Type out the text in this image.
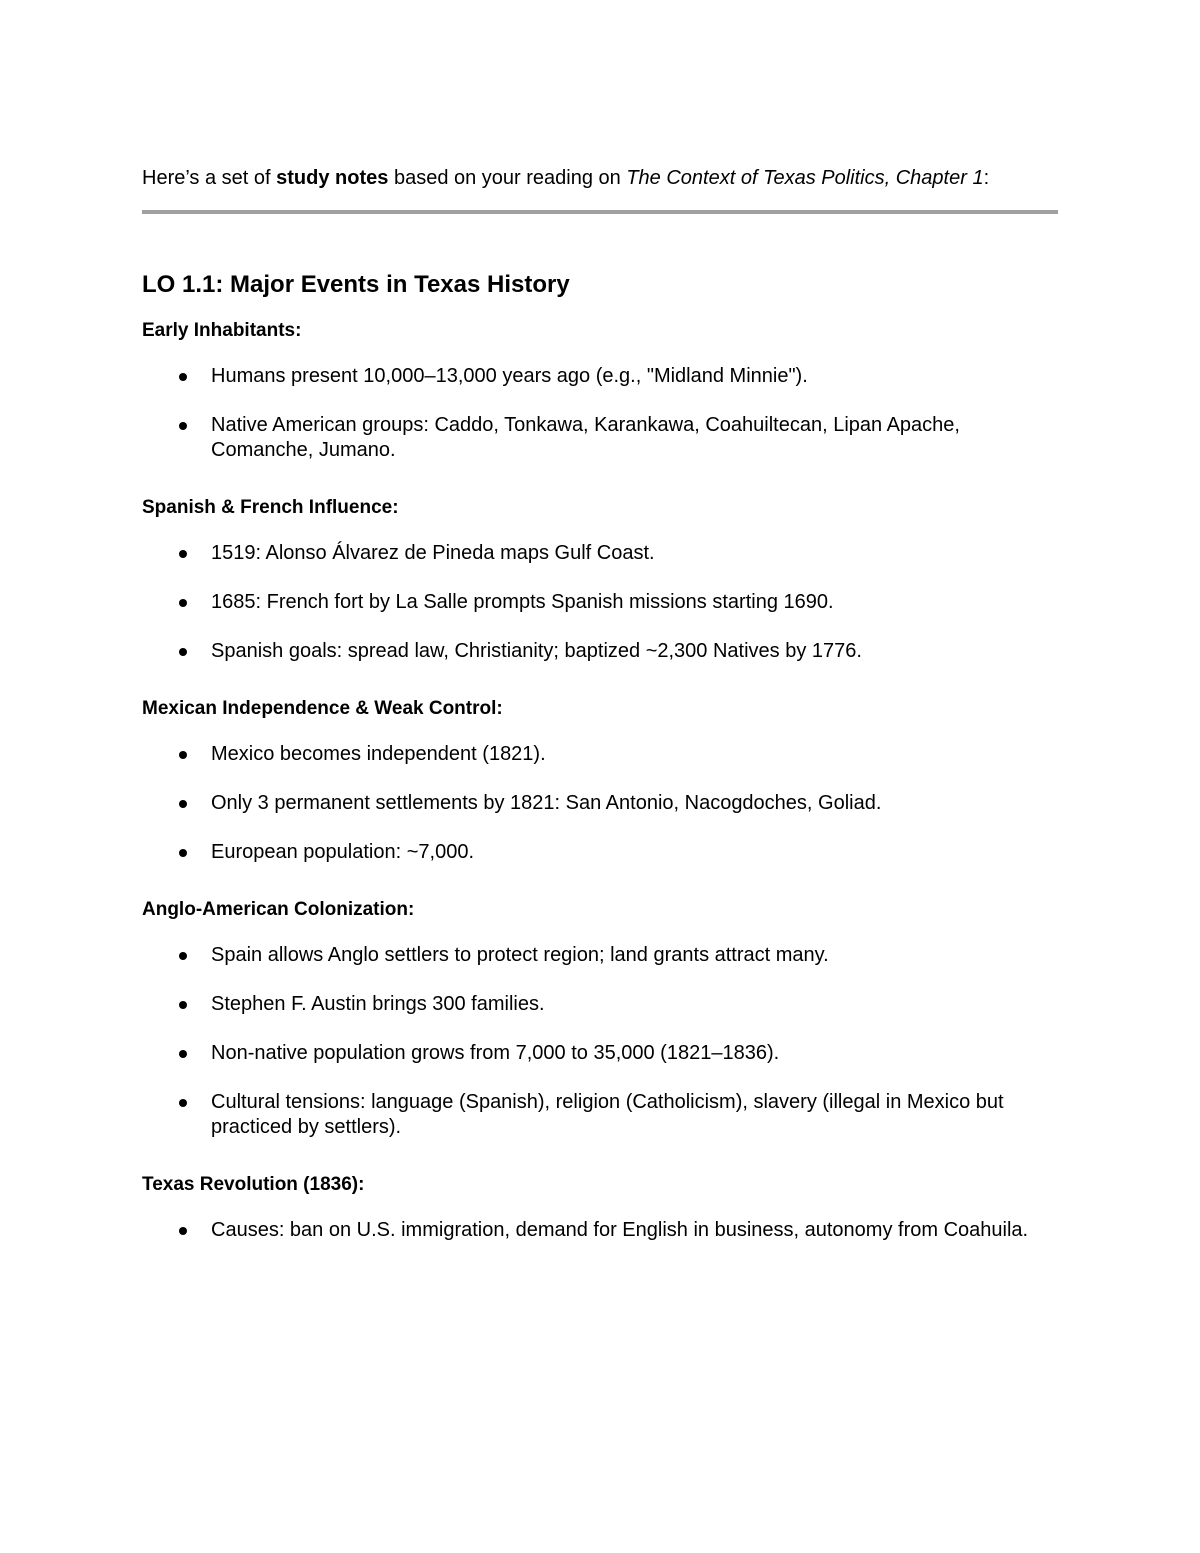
Here’s a set of study notes based on your reading on The Context of Texas Politics, Chapter 1:
LO 1.1: Major Events in Texas History
Early Inhabitants:
Humans present 10,000–13,000 years ago (e.g., "Midland Minnie").
Native American groups: Caddo, Tonkawa, Karankawa, Coahuiltecan, Lipan Apache, Comanche, Jumano.
Spanish & French Influence:
1519: Alonso Álvarez de Pineda maps Gulf Coast.
1685: French fort by La Salle prompts Spanish missions starting 1690.
Spanish goals: spread law, Christianity; baptized ~2,300 Natives by 1776.
Mexican Independence & Weak Control:
Mexico becomes independent (1821).
Only 3 permanent settlements by 1821: San Antonio, Nacogdoches, Goliad.
European population: ~7,000.
Anglo-American Colonization:
Spain allows Anglo settlers to protect region; land grants attract many.
Stephen F. Austin brings 300 families.
Non-native population grows from 7,000 to 35,000 (1821–1836).
Cultural tensions: language (Spanish), religion (Catholicism), slavery (illegal in Mexico but practiced by settlers).
Texas Revolution (1836):
Causes: ban on U.S. immigration, demand for English in business, autonomy from Coahuila.
